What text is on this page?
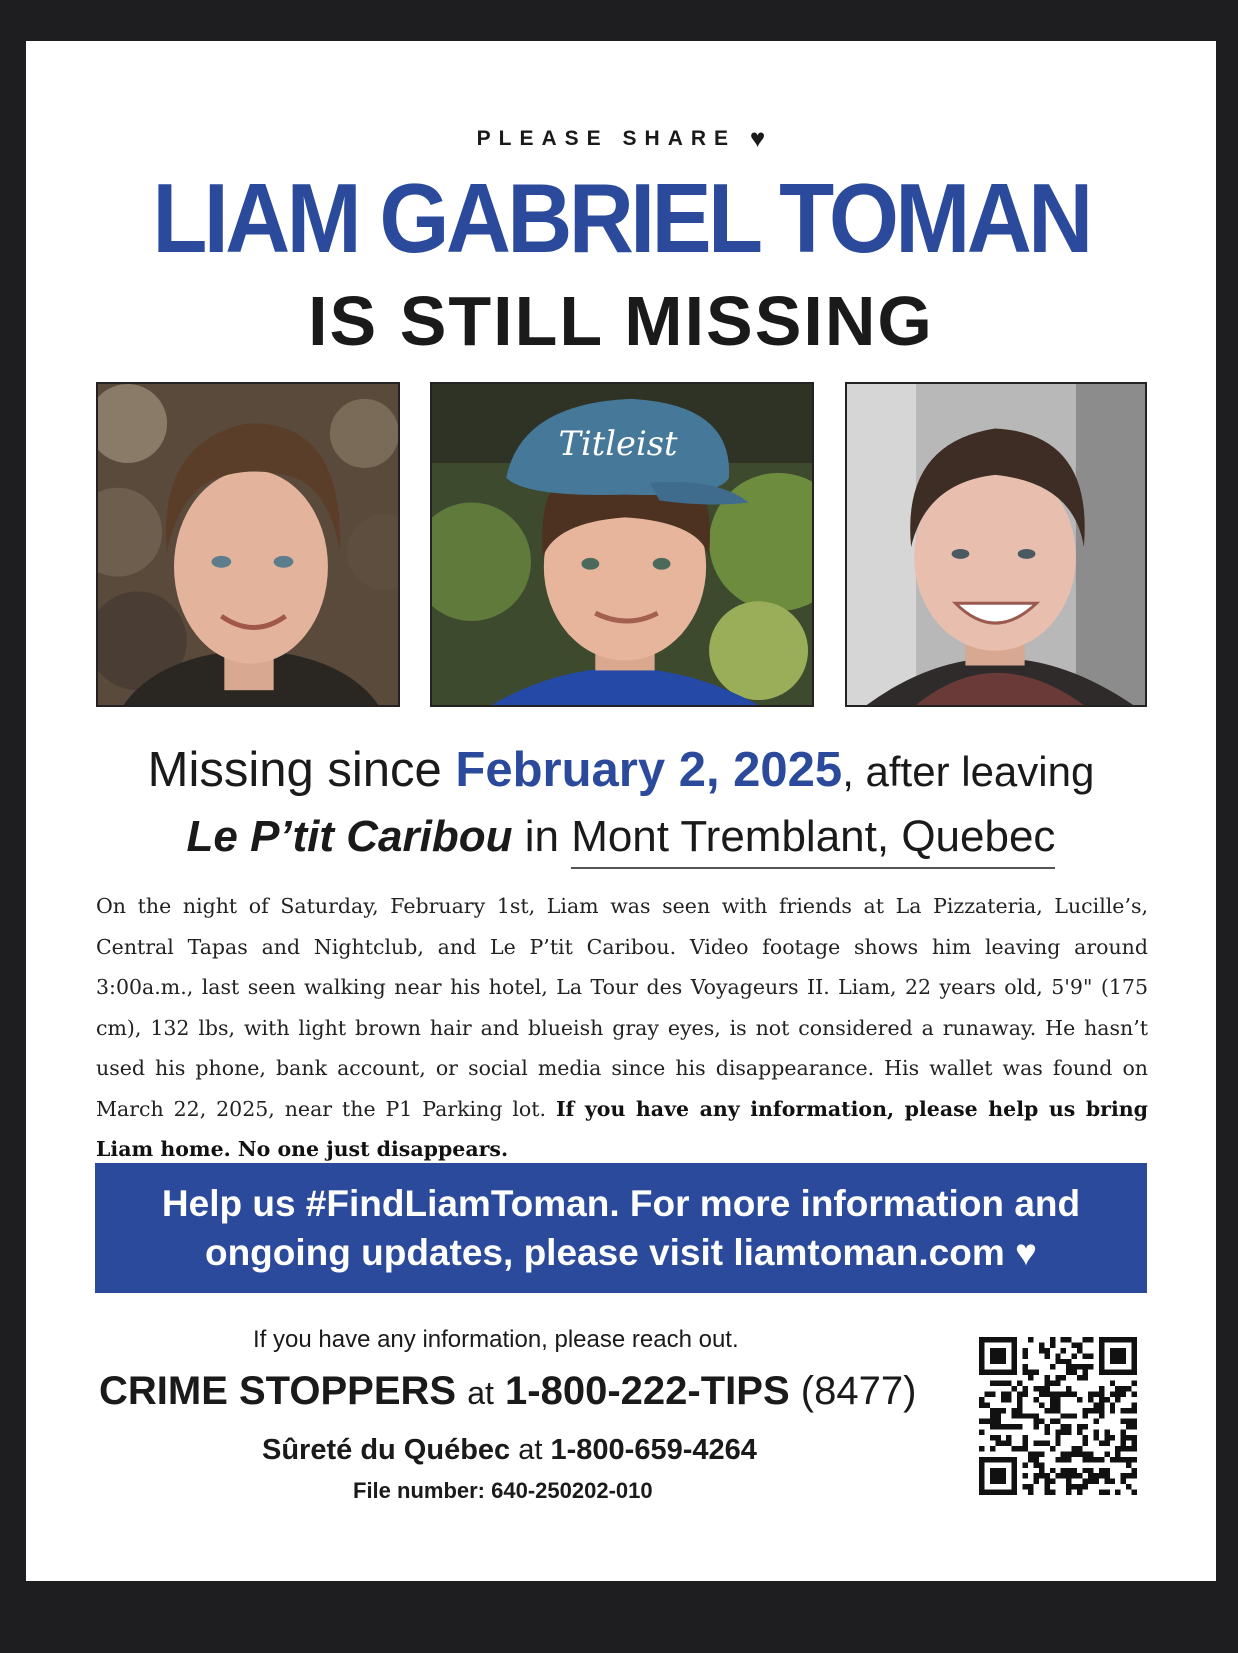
PLEASE SHARE ♥
LIAM GABRIEL TOMAN
IS STILL MISSING
Titleist
Missing since February 2, 2025, after leaving
Le P’tit Caribou in Mont Tremblant, Quebec
On the night of Saturday, February 1st, Liam was seen with friends at La Pizzateria, Lucille’s, Central Tapas and Nightclub, and Le P’tit Caribou. Video footage shows him leaving around 3:00a.m., last seen walking near his hotel, La Tour des Voyageurs II. Liam, 22 years old, 5'9" (175 cm), 132 lbs, with light brown hair and blueish gray eyes, is not considered a runaway. He hasn’t used his phone, bank account, or social media since his disappearance. His wallet was found on March 22, 2025, near the P1 Parking lot. If you have any information, please help us bring Liam home. No one just disappears.
Help us #FindLiamToman. For more information and
ongoing updates, please visit liamtoman.com ♥
If you have any information, please reach out.
CRIME STOPPERS at 1-800-222-TIPS (8477)
Sûreté du Québec at 1-800-659-4264
File number: 640-250202-010
